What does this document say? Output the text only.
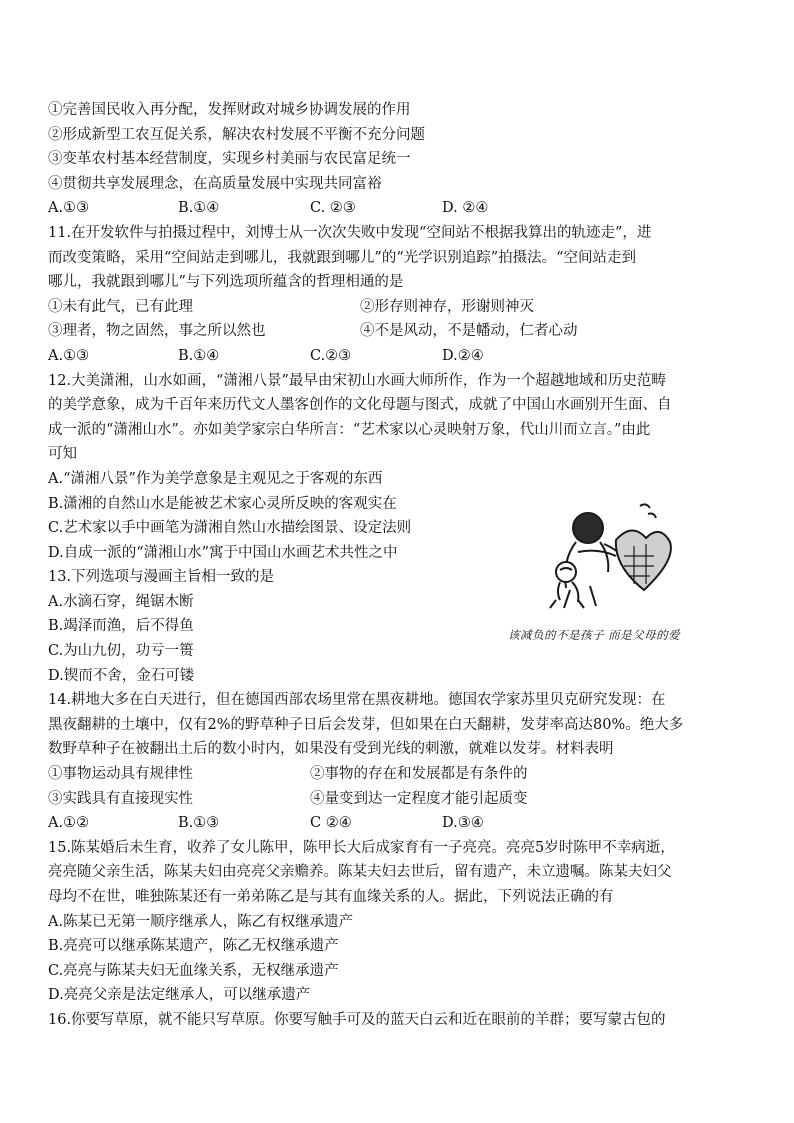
①完善国民收入再分配，发挥财政对城乡协调发展的作用
②形成新型工农互促关系，解决农村发展不平衡不充分问题
③变革农村基本经营制度，实现乡村美丽与农民富足统一
④贯彻共享发展理念，在高质量发展中实现共同富裕
A.①③	B.①④	C. ②③	D. ②④
11.在开发软件与拍摄过程中，刘博士从一次次失败中发现“空间站不根据我算出的轨迹走”，进
而改变策略，采用“空间站走到哪儿，我就跟到哪儿”的“光学识别追踪”拍摄法。“空间站走到
哪儿，我就跟到哪儿”与下列选项所蕴含的哲理相通的是
①未有此气，已有此理	②形存则神存，形谢则神灭
③理者，物之固然，事之所以然也	④不是风动，不是幡动，仁者心动
A.①③	B.①④	C.②③	D.②④
12.大美潇湘，山水如画，“潇湘八景”最早由宋初山水画大师所作，作为一个超越地域和历史范畴
的美学意象，成为千百年来历代文人墨客创作的文化母题与图式，成就了中国山水画别开生面、自
成一派的“潇湘山水”。亦如美学家宗白华所言：“艺术家以心灵映射万象，代山川而立言。”由此
可知
A.“潇湘八景”作为美学意象是主观见之于客观的东西
B.潇湘的自然山水是能被艺术家心灵所反映的客观实在
C.艺术家以手中画笔为潇湘自然山水描绘图景、设定法则
D.自成一派的“潇湘山水”寓于中国山水画艺术共性之中
13.下列选项与漫画主旨相一致的是
A.水滴石穿，绳锯木断
B.竭泽而渔，后不得鱼
C.为山九仞，功亏一篑
D.锲而不舍，金石可镂
14.耕地大多在白天进行，但在德国西部农场里常在黑夜耕地。德国农学家苏里贝克研究发现：在
黑夜翻耕的土壤中，仅有2%的野草种子日后会发芽，但如果在白天翻耕，发芽率高达80%。绝大多
数野草种子在被翻出土后的数小时内，如果没有受到光线的刺激，就难以发芽。材料表明
①事物运动具有规律性	②事物的存在和发展都是有条件的
③实践具有直接现实性	④量变到达一定程度才能引起质变
A.①②	B.①③	C ②④	D.③④
15.陈某婚后未生育，收养了女儿陈甲，陈甲长大后成家育有一子亮亮。亮亮5岁时陈甲不幸病逝，
亮亮随父亲生活，陈某夫妇由亮亮父亲赡养。陈某夫妇去世后，留有遗产，未立遗嘱。陈某夫妇父
母均不在世，唯独陈某还有一弟弟陈乙是与其有血缘关系的人。据此，下列说法正确的有
A.陈某已无第一顺序继承人，陈乙有权继承遗产
B.亮亮可以继承陈某遗产，陈乙无权继承遗产
C.亮亮与陈某夫妇无血缘关系，无权继承遗产
D.亮亮父亲是法定继承人，可以继承遗产
16.你要写草原，就不能只写草原。你要写触手可及的蓝天白云和近在眼前的羊群；要写蒙古包的
该减负的不是孩子 而是父母的爱
